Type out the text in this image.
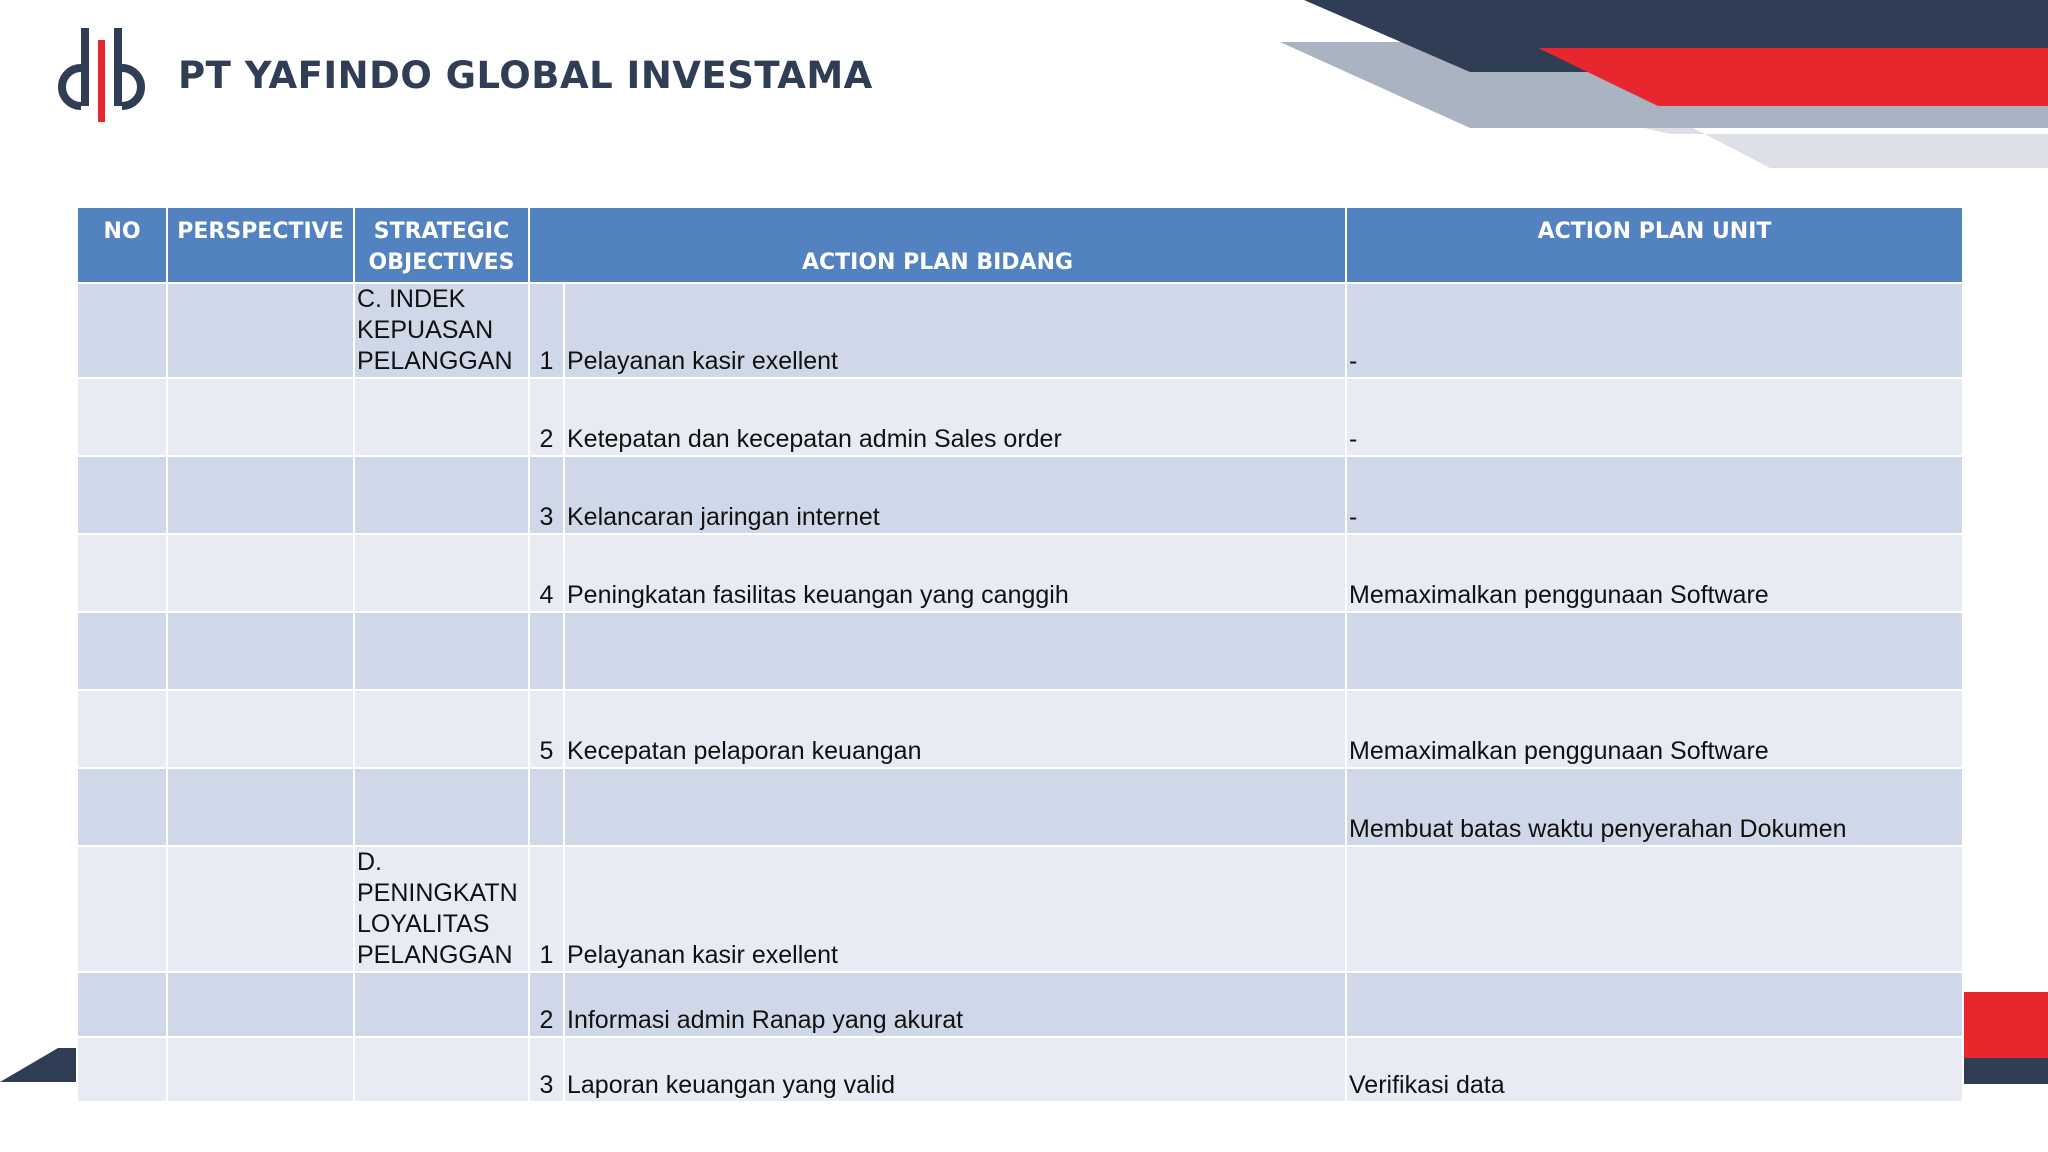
PT YAFINDO GLOBAL INVESTAMA
NO	PERSPECTIVE	STRATEGIC OBJECTIVES	ACTION PLAN BIDANG		ACTION PLAN UNIT
		C. INDEK KEPUASAN PELANGGAN	1	Pelayanan kasir exellent	-
			2	Ketepatan dan kecepatan admin Sales order	-
			3	Kelancaran jaringan internet	-
			4	Peningkatan fasilitas keuangan yang canggih	Memaximalkan penggunaan Software

			5	Kecepatan pelaporan keuangan	Memaximalkan penggunaan Software
					Membuat batas waktu penyerahan Dokumen
		D. PENINGKATN LOYALITAS PELANGGAN	1	Pelayanan kasir exellent	
			2	Informasi admin Ranap yang akurat	
			3	Laporan keuangan yang valid	Verifikasi data
